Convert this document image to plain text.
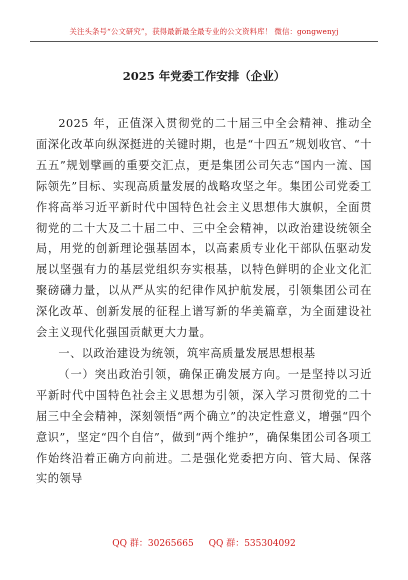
关注头条号“公文研究”，获得最新最全最专业的公文资料库！ 微信：gongwenyj
2025 年党委工作安排（企业）

2025 年，正值深入贯彻党的二十届三中全会精神、推动全面深化改革向纵深挺进的关键时期，也是“十四五”规划收官、“十五五”规划擘画的重要交汇点，更是集团公司矢志“国内一流、国际领先”目标、实现高质量发展的战略攻坚之年。集团公司党委工作将高举习近平新时代中国特色社会主义思想伟大旗帜，全面贯彻党的二十大及二十届二中、三中全会精神，以政治建设统领全局，用党的创新理论强基固本，以高素质专业化干部队伍驱动发展以坚强有力的基层党组织夯实根基，以特色鲜明的企业文化汇聚磅礴力量，以从严从实的纪律作风护航发展，引领集团公司在深化改革、创新发展的征程上谱写新的华美篇章，为全面建设社会主义现代化强国贡献更大力量。

一、以政治建设为统领，筑牢高质量发展思想根基

（一）突出政治引领，确保正确发展方向。一是坚持以习近平新时代中国特色社会主义思想为引领，深入学习贯彻党的二十届三中全会精神，深刻领悟“两个确立”的决定性意义，增强“四个意识”，坚定“四个自信”，做到“两个维护”，确保集团公司各项工作始终沿着正确方向前进。二是强化党委把方向、管大局、保落实的领导

QQ 群：30265665 QQ 群：535304092
